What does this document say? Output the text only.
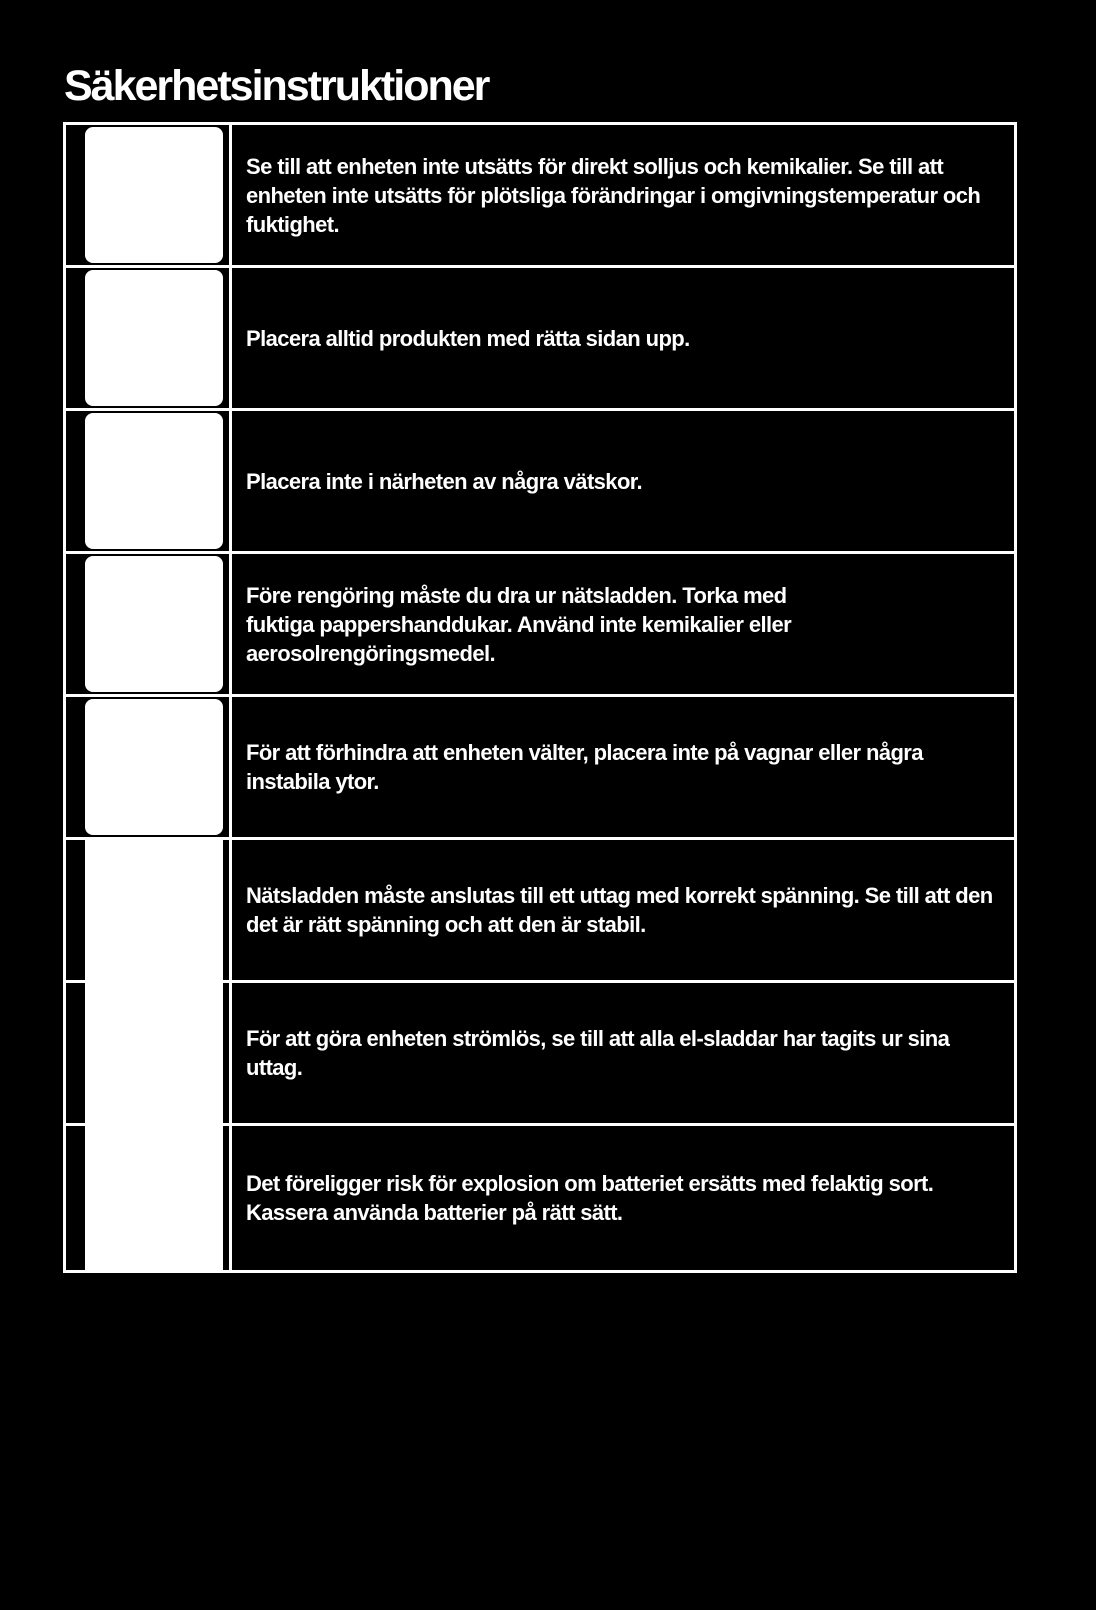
Säkerhetsinstruktioner

Se till att enheten inte utsätts för direkt solljus och kemikalier. Se till att enheten inte utsätts för plötsliga förändringar i omgivningstemperatur och fuktighet.

Placera alltid produkten med rätta sidan upp.

Placera inte i närheten av några vätskor.

Före rengöring måste du dra ur nätsladden. Torka med fuktiga pappershanddukar. Använd inte kemikalier eller aerosolrengöringsmedel.

För att förhindra att enheten välter, placera inte på vagnar eller några instabila ytor.

Nätsladden måste anslutas till ett uttag med korrekt spänning. Se till att den det är rätt spänning och att den är stabil.

För att göra enheten strömlös, se till att alla el-sladdar har tagits ur sina uttag.

Det föreligger risk för explosion om batteriet ersätts med felaktig sort. Kassera använda batterier på rätt sätt.
